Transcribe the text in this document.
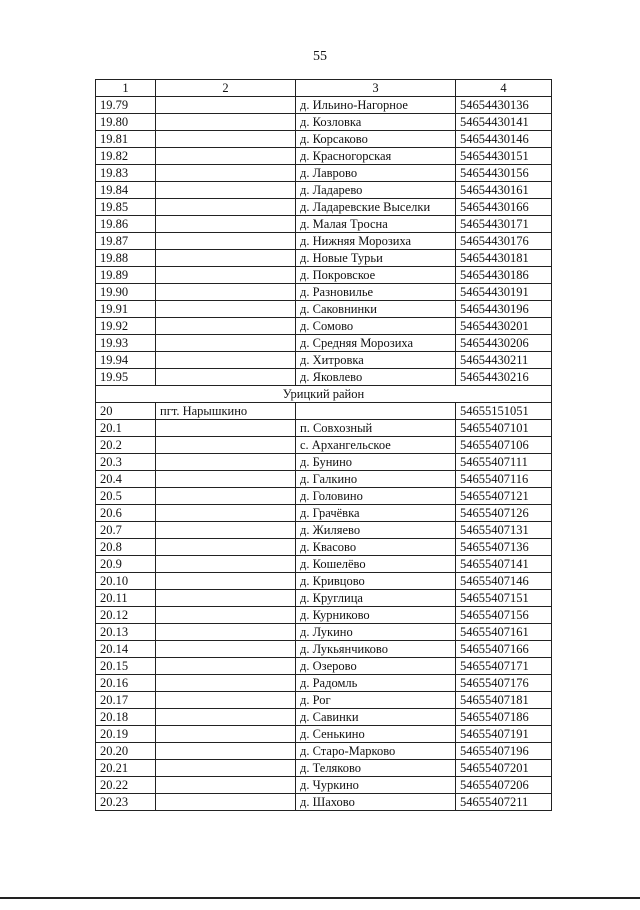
55
1	2	3	4
19.79		д. Ильино-Нагорное	54654430136
19.80		д. Козловка	54654430141
19.81		д. Корсаково	54654430146
19.82		д. Красногорская	54654430151
19.83		д. Лаврово	54654430156
19.84		д. Ладарево	54654430161
19.85		д. Ладаревские Выселки	54654430166
19.86		д. Малая Тросна	54654430171
19.87		д. Нижняя Морозиха	54654430176
19.88		д. Новые Турьи	54654430181
19.89		д. Покровское	54654430186
19.90		д. Разновилье	54654430191
19.91		д. Саковнинки	54654430196
19.92		д. Сомово	54654430201
19.93		д. Средняя Морозиха	54654430206
19.94		д. Хитровка	54654430211
19.95		д. Яковлево	54654430216
Урицкий район			
20	пгт. Нарышкино		54655151051
20.1		п. Совхозный	54655407101
20.2		с. Архангельское	54655407106
20.3		д. Бунино	54655407111
20.4		д. Галкино	54655407116
20.5		д. Головино	54655407121
20.6		д. Грачёвка	54655407126
20.7		д. Жиляево	54655407131
20.8		д. Квасово	54655407136
20.9		д. Кошелёво	54655407141
20.10		д. Кривцово	54655407146
20.11		д. Круглица	54655407151
20.12		д. Курниково	54655407156
20.13		д. Лукино	54655407161
20.14		д. Лукьянчиково	54655407166
20.15		д. Озерово	54655407171
20.16		д. Радомль	54655407176
20.17		д. Рог	54655407181
20.18		д. Савинки	54655407186
20.19		д. Сенькино	54655407191
20.20		д. Старо-Марково	54655407196
20.21		д. Теляково	54655407201
20.22		д. Чуркино	54655407206
20.23		д. Шахово	54655407211
